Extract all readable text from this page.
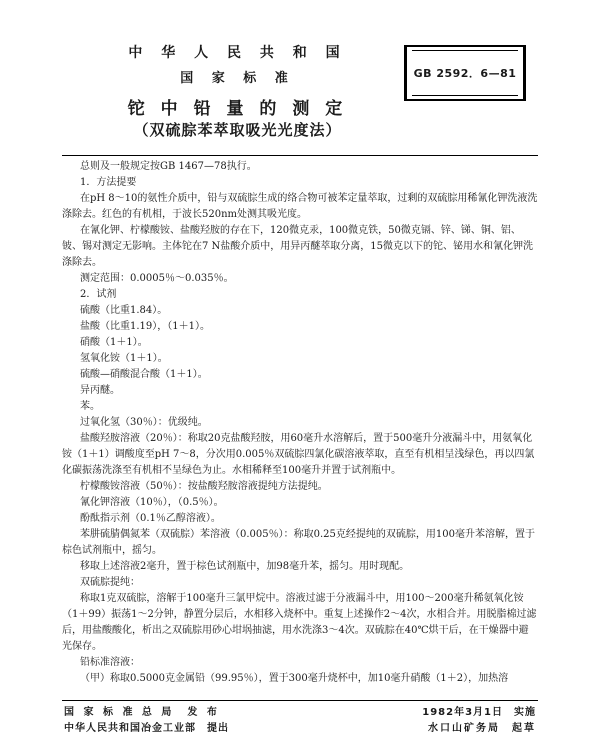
中 华 人 民 共 和 国
国 家 标 准
铊 中 铅 量 的 测 定
（双硫腙苯萃取吸光光度法）
GB 2592．6—81

总则及一般规定按GB 1467—78执行。

1．方法提要

在pH 8～10的氨性介质中，铅与双硫腙生成的络合物可被苯定量萃取，过剩的双硫腙用稀氰化钾洗液洗涤除去。红色的有机相，于波长520nm处测其吸光度。

在氰化钾、柠檬酸铵、盐酸羟胺的存在下，120微克汞，100微克铁，50微克镉、锌、锑、铜、铝、铍、锡对测定无影响。主体铊在7 N盐酸介质中，用异丙醚萃取分离，15微克以下的铊、铋用水和氰化钾洗涤除去。

测定范围：0.0005％～0.035％。

2．试剂

硫酸（比重1.84）。

盐酸（比重1.19），（1＋1）。

硝酸（1＋1）。

氢氧化铵（1＋1）。

硫酸—硝酸混合酸（1＋1）。

异丙醚。

苯。

过氧化氢（30％）：优级纯。

盐酸羟胺溶液（20％）：称取20克盐酸羟胺，用60毫升水溶解后，置于500毫升分液漏斗中，用氨氧化铵（1＋1）调酸度至pH 7～8，分次用0.005％双硫腙四氯化碳溶液萃取，直至有机相呈浅绿色，再以四氯化碳振荡洗涤至有机相不呈绿色为止。水相稀释至100毫升并置于试剂瓶中。

柠檬酸铵溶液（50％）：按盐酸羟胺溶液提纯方法提纯。

氰化钾溶液（10％），（0.5％）。

酚酞指示剂（0.1％乙醇溶液）。

苯肼硫腈偶氮苯（双硫腙）苯溶液（0.005％）：称取0.25克经提纯的双硫腙，用100毫升苯溶解，置于棕色试剂瓶中，摇匀。

移取上述溶液2毫升，置于棕色试剂瓶中，加98毫升苯，摇匀。用时现配。

双硫腙提纯：

称取1克双硫腙，溶解于100毫升三氯甲烷中。溶液过滤于分液漏斗中，用100～200毫升稀氨氧化铵（1＋99）振荡1～2分钟，静置分层后，水相移入烧杯中。重复上述操作2～4次，水相合并。用脱脂棉过滤后，用盐酸酸化，析出之双硫腙用砂心坩埚抽滤，用水洗涤3～4次。双硫腙在40℃烘干后，在干燥器中避光保存。

铅标准溶液：

（甲）称取0.5000克金属铅（99.95％），置于300毫升烧杯中，加10毫升硝酸（1＋2），加热溶

国 家 标 准 总 局　发 布
中华人民共和国冶金工业部　提出
1982年3月1日　实施
水口山矿务局　起草
